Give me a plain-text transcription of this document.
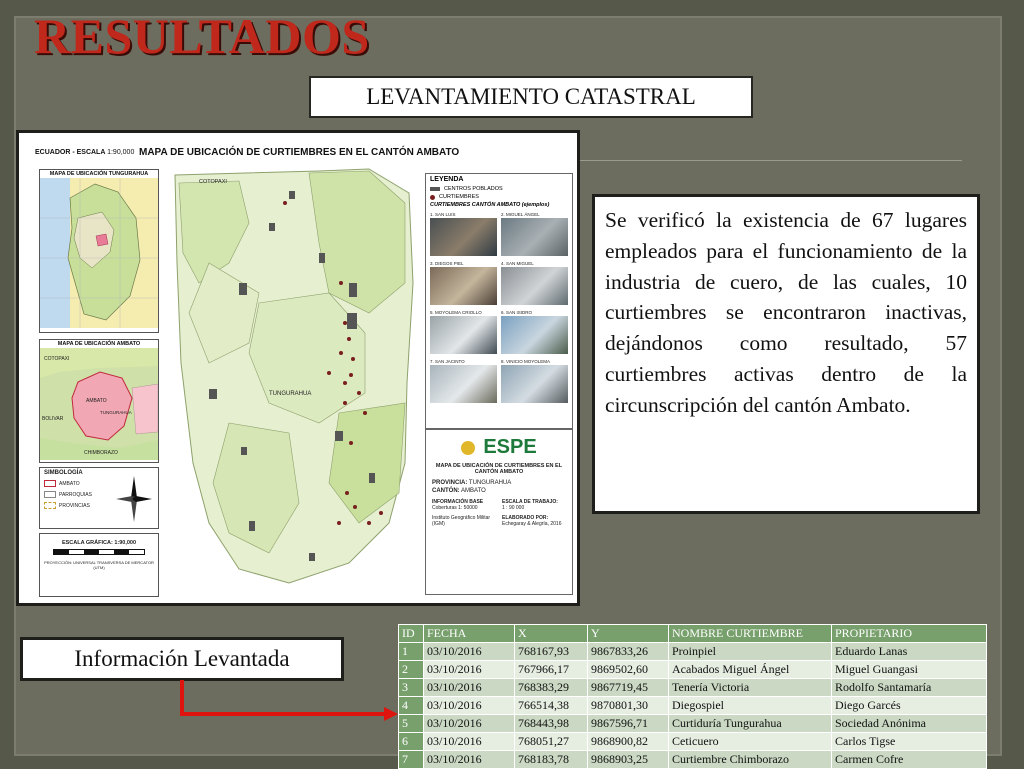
RESULTADOS
LEVANTAMIENTO CATASTRAL
ECUADOR - ESCALA 1:90,000 MAPA DE UBICACIÓN DE CURTIEMBRES EN EL CANTÓN AMBATO
MAPA DE UBICACIÓN TUNGURAHUA
MAPA DE UBICACIÓN AMBATO
COTOPAXI
AMBATO
TUNGURAHUA
BOLIVAR
CHIMBORAZO
SIMBOLOGÍA
AMBATO
PARROQUIAS
PROVINCIAS
ESCALA GRÁFICA: 1:90,000
PROYECCIÓN: UNIVERSAL TRANSVERSA DE MERCATOR (UTM)
COTOPAXI
TUNGURAHUA
LEYENDA
CENTROS POBLADOS
CURTIEMBRES
CURTIEMBRES CANTÓN AMBATO (ejemplos)
1. SAN LUIS	2. MIGUEL ÁNGEL
3. DIEGOS PIEL	4. SAN MIGUEL
5. MOYOLEMA CRIOLLO	6. SAN ISIDRO
7. SAN JACINTO	8. VINICIO MOYOLEMA
ESPE
MAPA DE UBICACIÓN DE CURTIEMBRES EN EL CANTÓN AMBATO
PROVINCIA: TUNGURAHUA
CANTÓN: AMBATO
INFORMACIÓN BASE
Coberturas 1: 50000
Instituto Geográfico Militar (IGM)
ESCALA DE TRABAJO:
1 : 90 000
ELABORADO POR:
Echegaray & Alegría, 2016
Se verificó la existencia de 67 lugares empleados para el funcionamiento de la industria de cuero, de las cuales, 10 curtiembres se encontraron inactivas, dejándonos como resultado, 57 curtiembres activas dentro de la circunscripción del cantón Ambato.
Información Levantada
ID	FECHA	X	Y	NOMBRE CURTIEMBRE	PROPIETARIO
1	03/10/2016	768167,93	9867833,26	Proinpiel	Eduardo Lanas
2	03/10/2016	767966,17	9869502,60	Acabados Miguel Ángel	Miguel Guangasi
3	03/10/2016	768383,29	9867719,45	Tenería Victoria	Rodolfo Santamaría
4	03/10/2016	766514,38	9870801,30	Diegospiel	Diego Garcés
5	03/10/2016	768443,98	9867596,71	Curtiduría Tungurahua	Sociedad Anónima
6	03/10/2016	768051,27	9868900,82	Ceticuero	Carlos Tigse
7	03/10/2016	768183,78	9868903,25	Curtiembre Chimborazo	Carmen Cofre
